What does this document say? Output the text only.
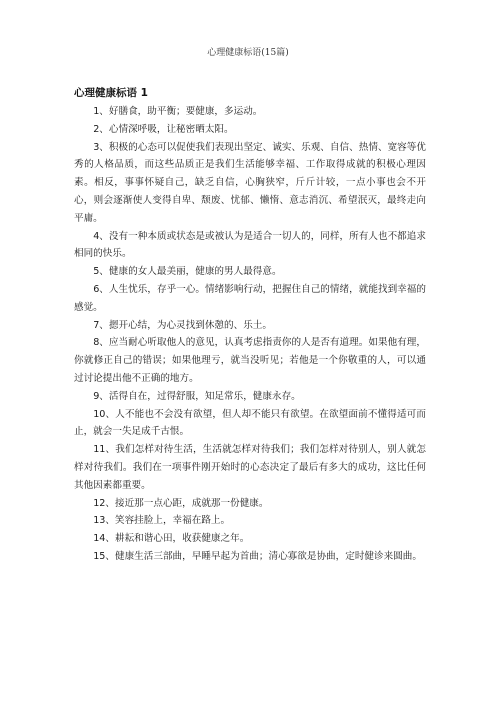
心理健康标语(15篇)
心理健康标语 1

1、好膳食，助平衡；要健康，多运动。

2、心情深呼吸，让秘密晒太阳。

3、积极的心态可以促使我们表现出坚定、诚实、乐观、自信、热情、宽容等优秀的人格品质，而这些品质正是我们生活能够幸福、工作取得成就的积极心理因素。相反，事事怀疑自己，缺乏自信，心胸狭窄，斤斤计较，一点小事也会不开心，则会逐渐使人变得自卑、颓废、忧郁、懒惰、意志消沉、希望泯灭，最终走向平庸。

4、没有一种本质或状态是或被认为是适合一切人的，同样，所有人也不都追求相同的快乐。

5、健康的女人最美丽，健康的男人最得意。

6、人生忧乐，存乎一心。情绪影响行动，把握住自己的情绪，就能找到幸福的感觉。

7、摁开心结，为心灵找到休憩的、乐土。

8、应当耐心听取他人的意见，认真考虑指责你的人是否有道理。如果他有理，你就修正自己的错误；如果他理亏，就当没听见；若他是一个你敬重的人，可以通过讨论提出他不正确的地方。

9、活得自在，过得舒服，知足常乐，健康永存。

10、人不能也不会没有欲望，但人却不能只有欲望。在欲望面前不懂得适可而止，就会一失足成千古恨。

11、我们怎样对待生活，生活就怎样对待我们；我们怎样对待别人，别人就怎样对待我们。我们在一项事件刚开始时的心态决定了最后有多大的成功，这比任何其他因素都重要。

12、接近那一点心距，成就那一份健康。

13、笑容挂脸上，幸福在路上。

14、耕耘和谐心田，收获健康之年。

15、健康生活三部曲，早睡早起为首曲；清心寡欲是协曲，定时健诊来圆曲。
